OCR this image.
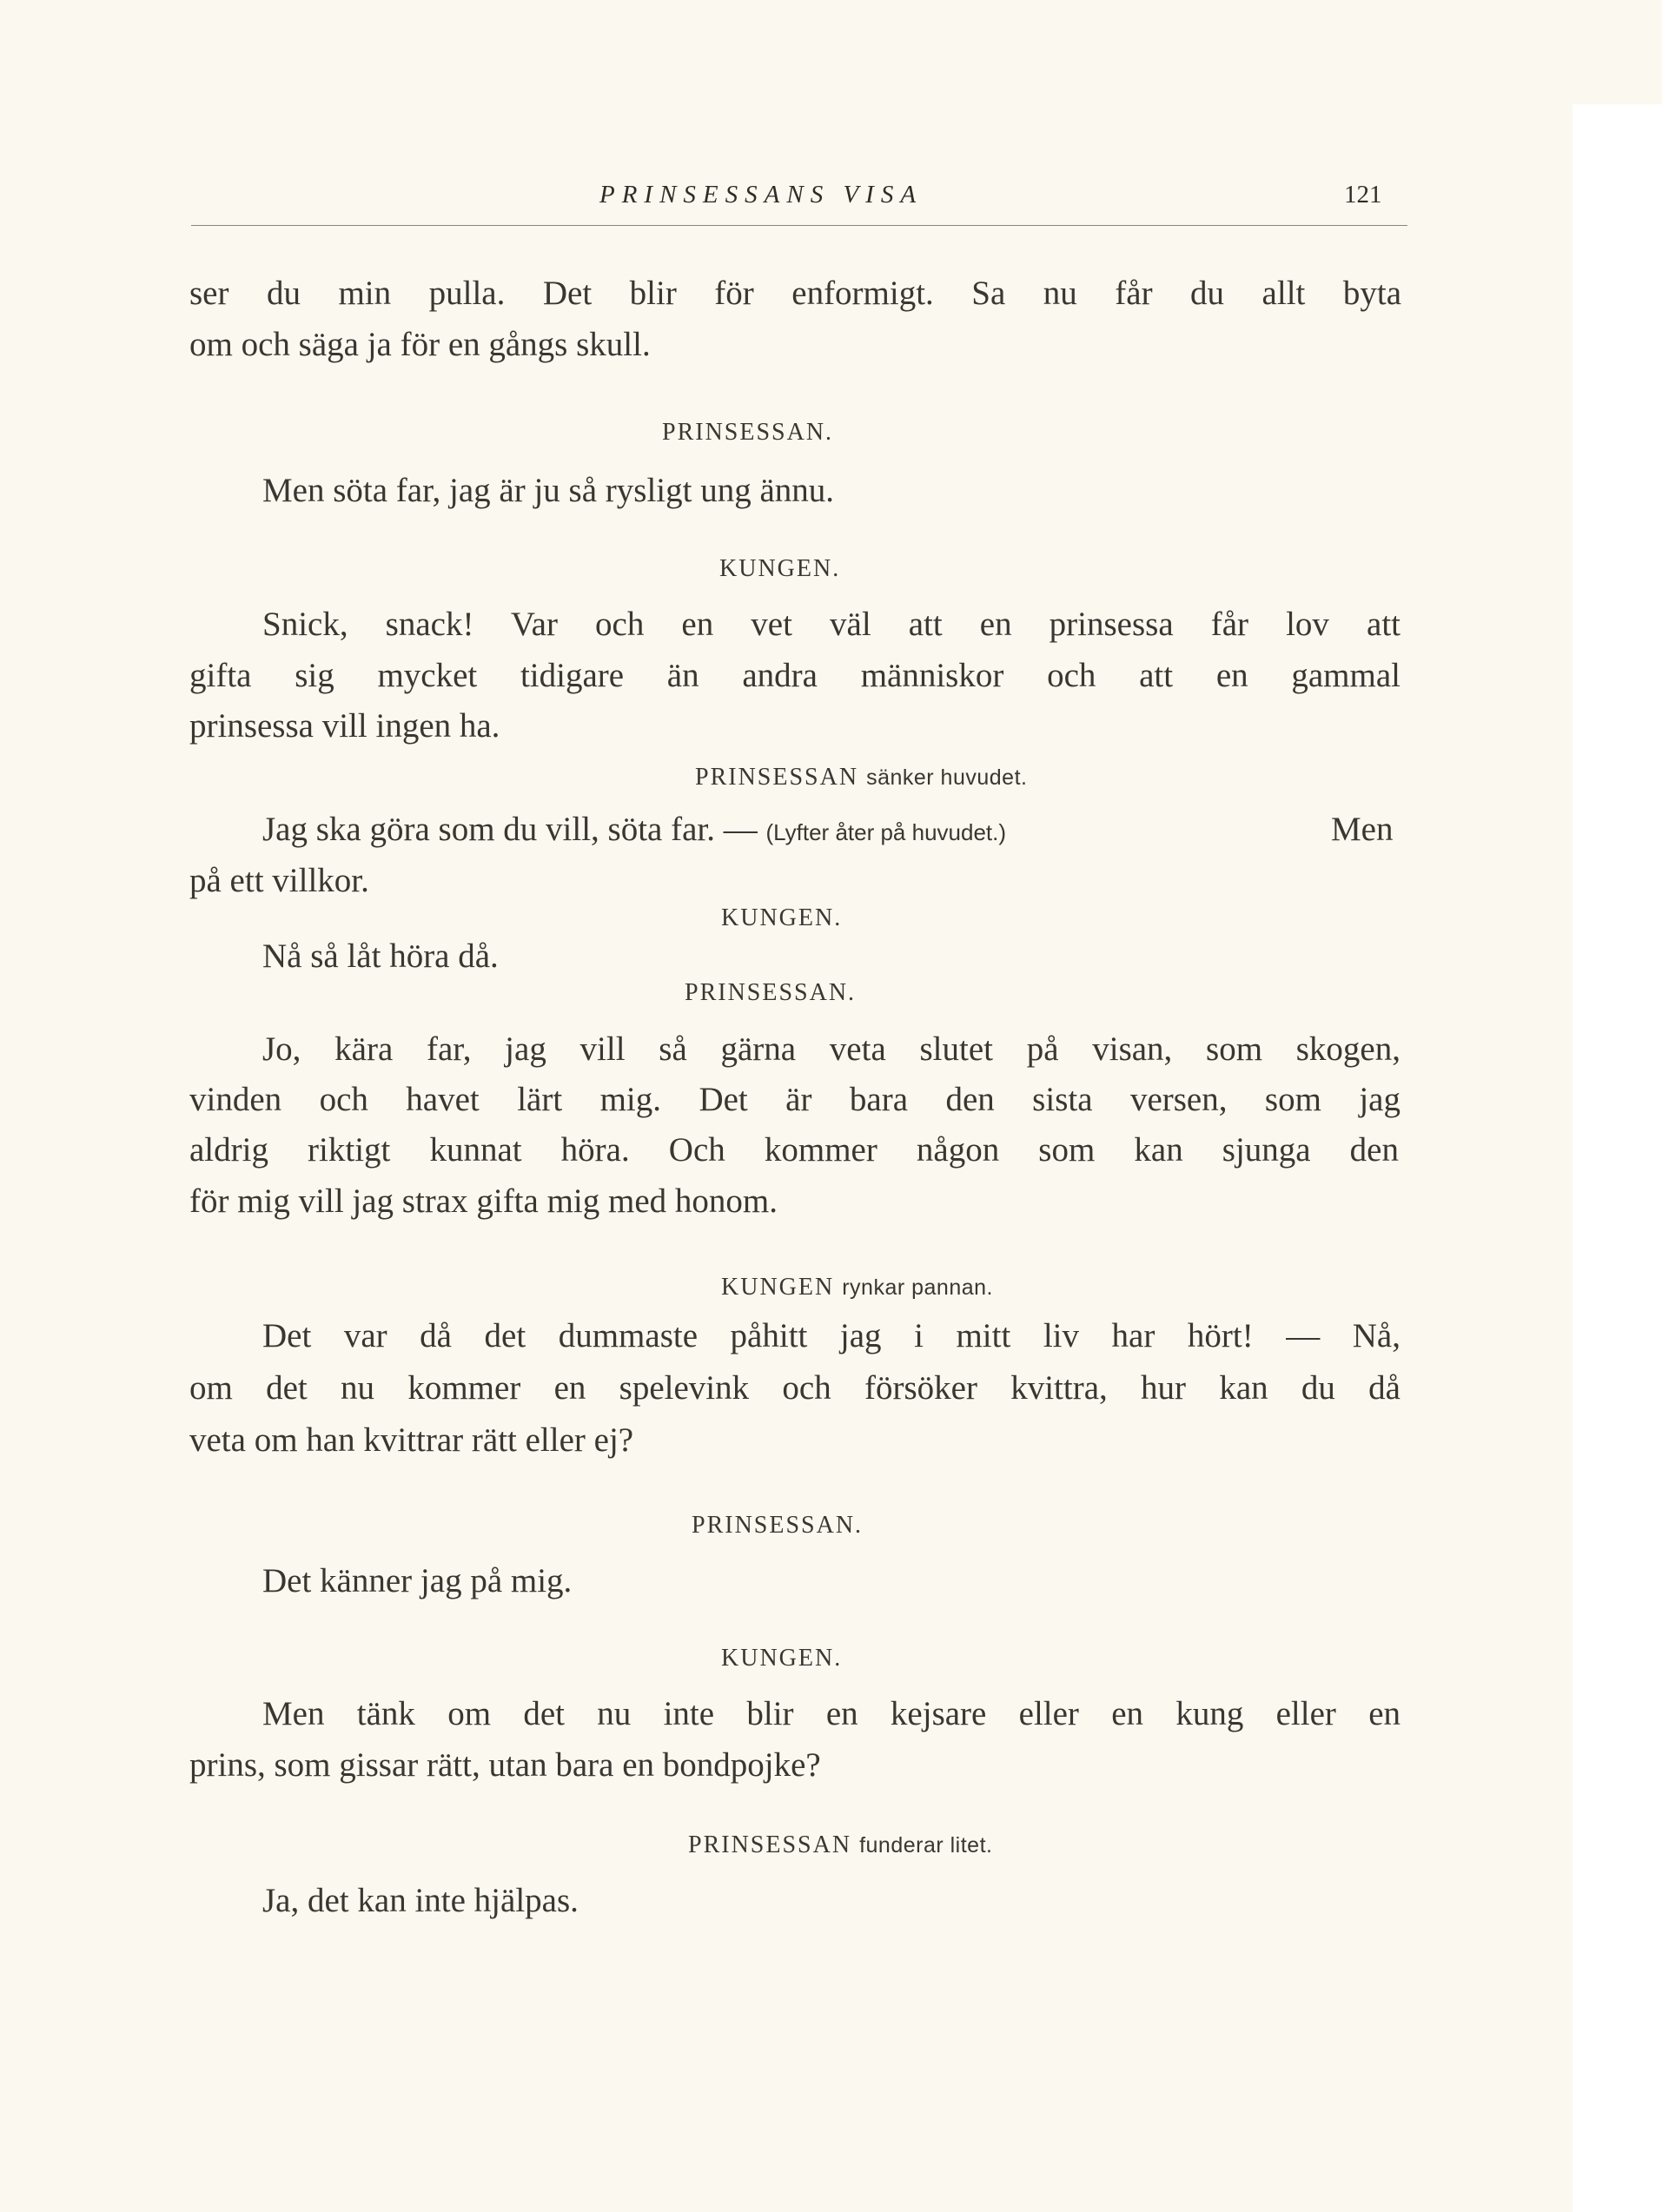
PRINSESSANS VISA	121
ser du min pulla. Det blir för enformigt. Sa nu får du allt byta
om och säga ja för en gångs skull.
PRINSESSAN.
Men söta far, jag är ju så rysligt ung ännu.
KUNGEN.
Snick, snack! Var och en vet väl att en prinsessa får lov att
gifta sig mycket tidigare än andra människor och att en gammal
prinsessa vill ingen ha.
PRINSESSAN sänker huvudet.
Jag ska göra som du vill, söta far. — (Lyfter åter på huvudet.)	Men
på ett villkor.
KUNGEN.
Nå så låt höra då.
PRINSESSAN.
Jo, kära far, jag vill så gärna veta slutet på visan, som skogen,
vinden och havet lärt mig. Det är bara den sista versen, som jag
aldrig riktigt kunnat höra. Och kommer någon som kan sjunga den
för mig vill jag strax gifta mig med honom.
KUNGEN rynkar pannan.
Det var då det dummaste påhitt jag i mitt liv har hört! — Nå,
om det nu kommer en spelevink och försöker kvittra, hur kan du då
veta om han kvittrar rätt eller ej?
PRINSESSAN.
Det känner jag på mig.
KUNGEN.
Men tänk om det nu inte blir en kejsare eller en kung eller en
prins, som gissar rätt, utan bara en bondpojke?
PRINSESSAN funderar litet.
Ja, det kan inte hjälpas.
